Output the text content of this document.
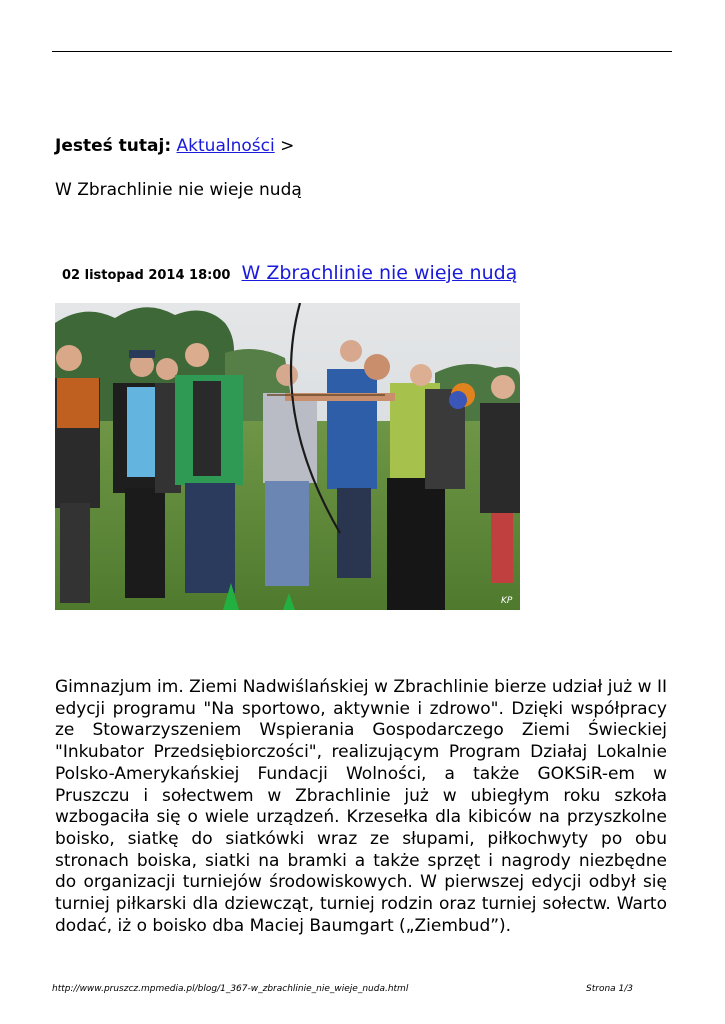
Jesteś tutaj: Aktualności >
W Zbrachlinie nie wieje nudą
02 listopad 2014 18:00 W Zbrachlinie nie wieje nudą
KP
Gimnazjum im. Ziemi Nadwiślańskiej w Zbrachlinie bierze udział już w II edycji programu "Na sportowo, aktywnie i zdrowo". Dzięki współpracy ze Stowarzyszeniem Wspierania Gospodarczego Ziemi Świeckiej "Inkubator Przedsiębiorczości", realizującym Program Działaj Lokalnie Polsko-Amerykańskiej Fundacji Wolności, a także GOKSiR-em w Pruszczu i sołectwem w Zbrachlinie już w ubiegłym roku szkoła wzbogaciła się o wiele urządzeń. Krzesełka dla kibiców na przyszkolne boisko, siatkę do siatkówki wraz ze słupami, piłkochwyty po obu stronach boiska, siatki na bramki a także sprzęt i nagrody niezbędne do organizacji turniejów środowiskowych. W pierwszej edycji odbył się turniej piłkarski dla dziewcząt, turniej rodzin oraz turniej sołectw. Warto dodać, iż o boisko dba Maciej Baumgart („Ziembud”).
http://www.pruszcz.mpmedia.pl/blog/1_367-w_zbrachlinie_nie_wieje_nuda.html	Strona 1/3
